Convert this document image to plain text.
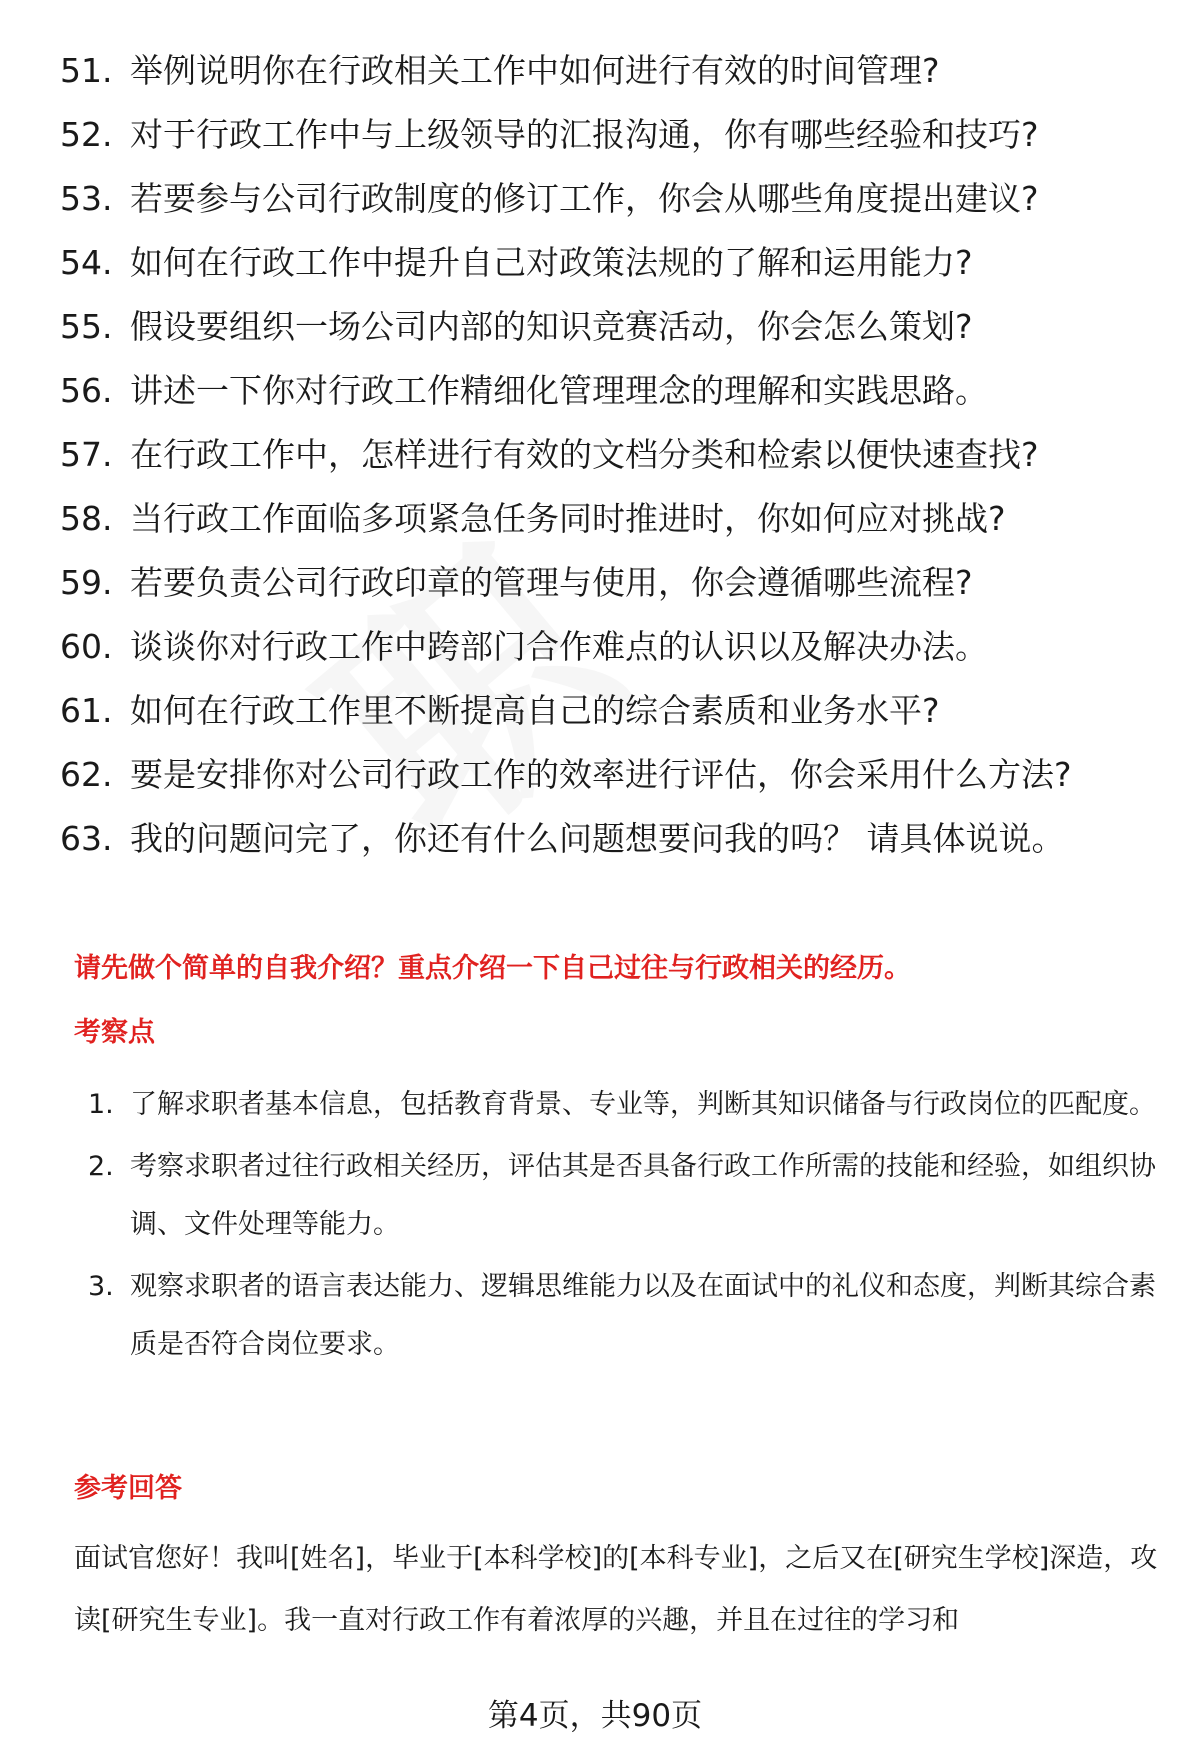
51. 举例说明你在行政相关工作中如何进行有效的时间管理?
52. 对于行政工作中与上级领导的汇报沟通，你有哪些经验和技巧?
53. 若要参与公司行政制度的修订工作，你会从哪些角度提出建议?
54. 如何在行政工作中提升自己对政策法规的了解和运用能力?
55. 假设要组织一场公司内部的知识竞赛活动，你会怎么策划?
56. 讲述一下你对行政工作精细化管理理念的理解和实践思路。
57. 在行政工作中，怎样进行有效的文档分类和检索以便快速查找?
58. 当行政工作面临多项紧急任务同时推进时，你如何应对挑战?
59. 若要负责公司行政印章的管理与使用，你会遵循哪些流程?
60. 谈谈你对行政工作中跨部门合作难点的认识以及解决办法。
61. 如何在行政工作里不断提高自己的综合素质和业务水平?
62. 要是安排你对公司行政工作的效率进行评估，你会采用什么方法?
63. 我的问题问完了，你还有什么问题想要问我的吗？ 请具体说说。
请先做个简单的自我介绍？重点介绍一下自己过往与行政相关的经历。
考察点
1. 了解求职者基本信息，包括教育背景、专业等，判断其知识储备与行政岗位的匹配度。
2. 考察求职者过往行政相关经历，评估其是否具备行政工作所需的技能和经验，如组织协调、文件处理等能力。
3. 观察求职者的语言表达能力、逻辑思维能力以及在面试中的礼仪和态度，判断其综合素质是否符合岗位要求。
参考回答
面试官您好！我叫[姓名]，毕业于[本科学校]的[本科专业]，之后又在[研究生学校]深造，攻读[研究生专业]。我一直对行政工作有着浓厚的兴趣，并且在过往的学习和
第4页，共90页
